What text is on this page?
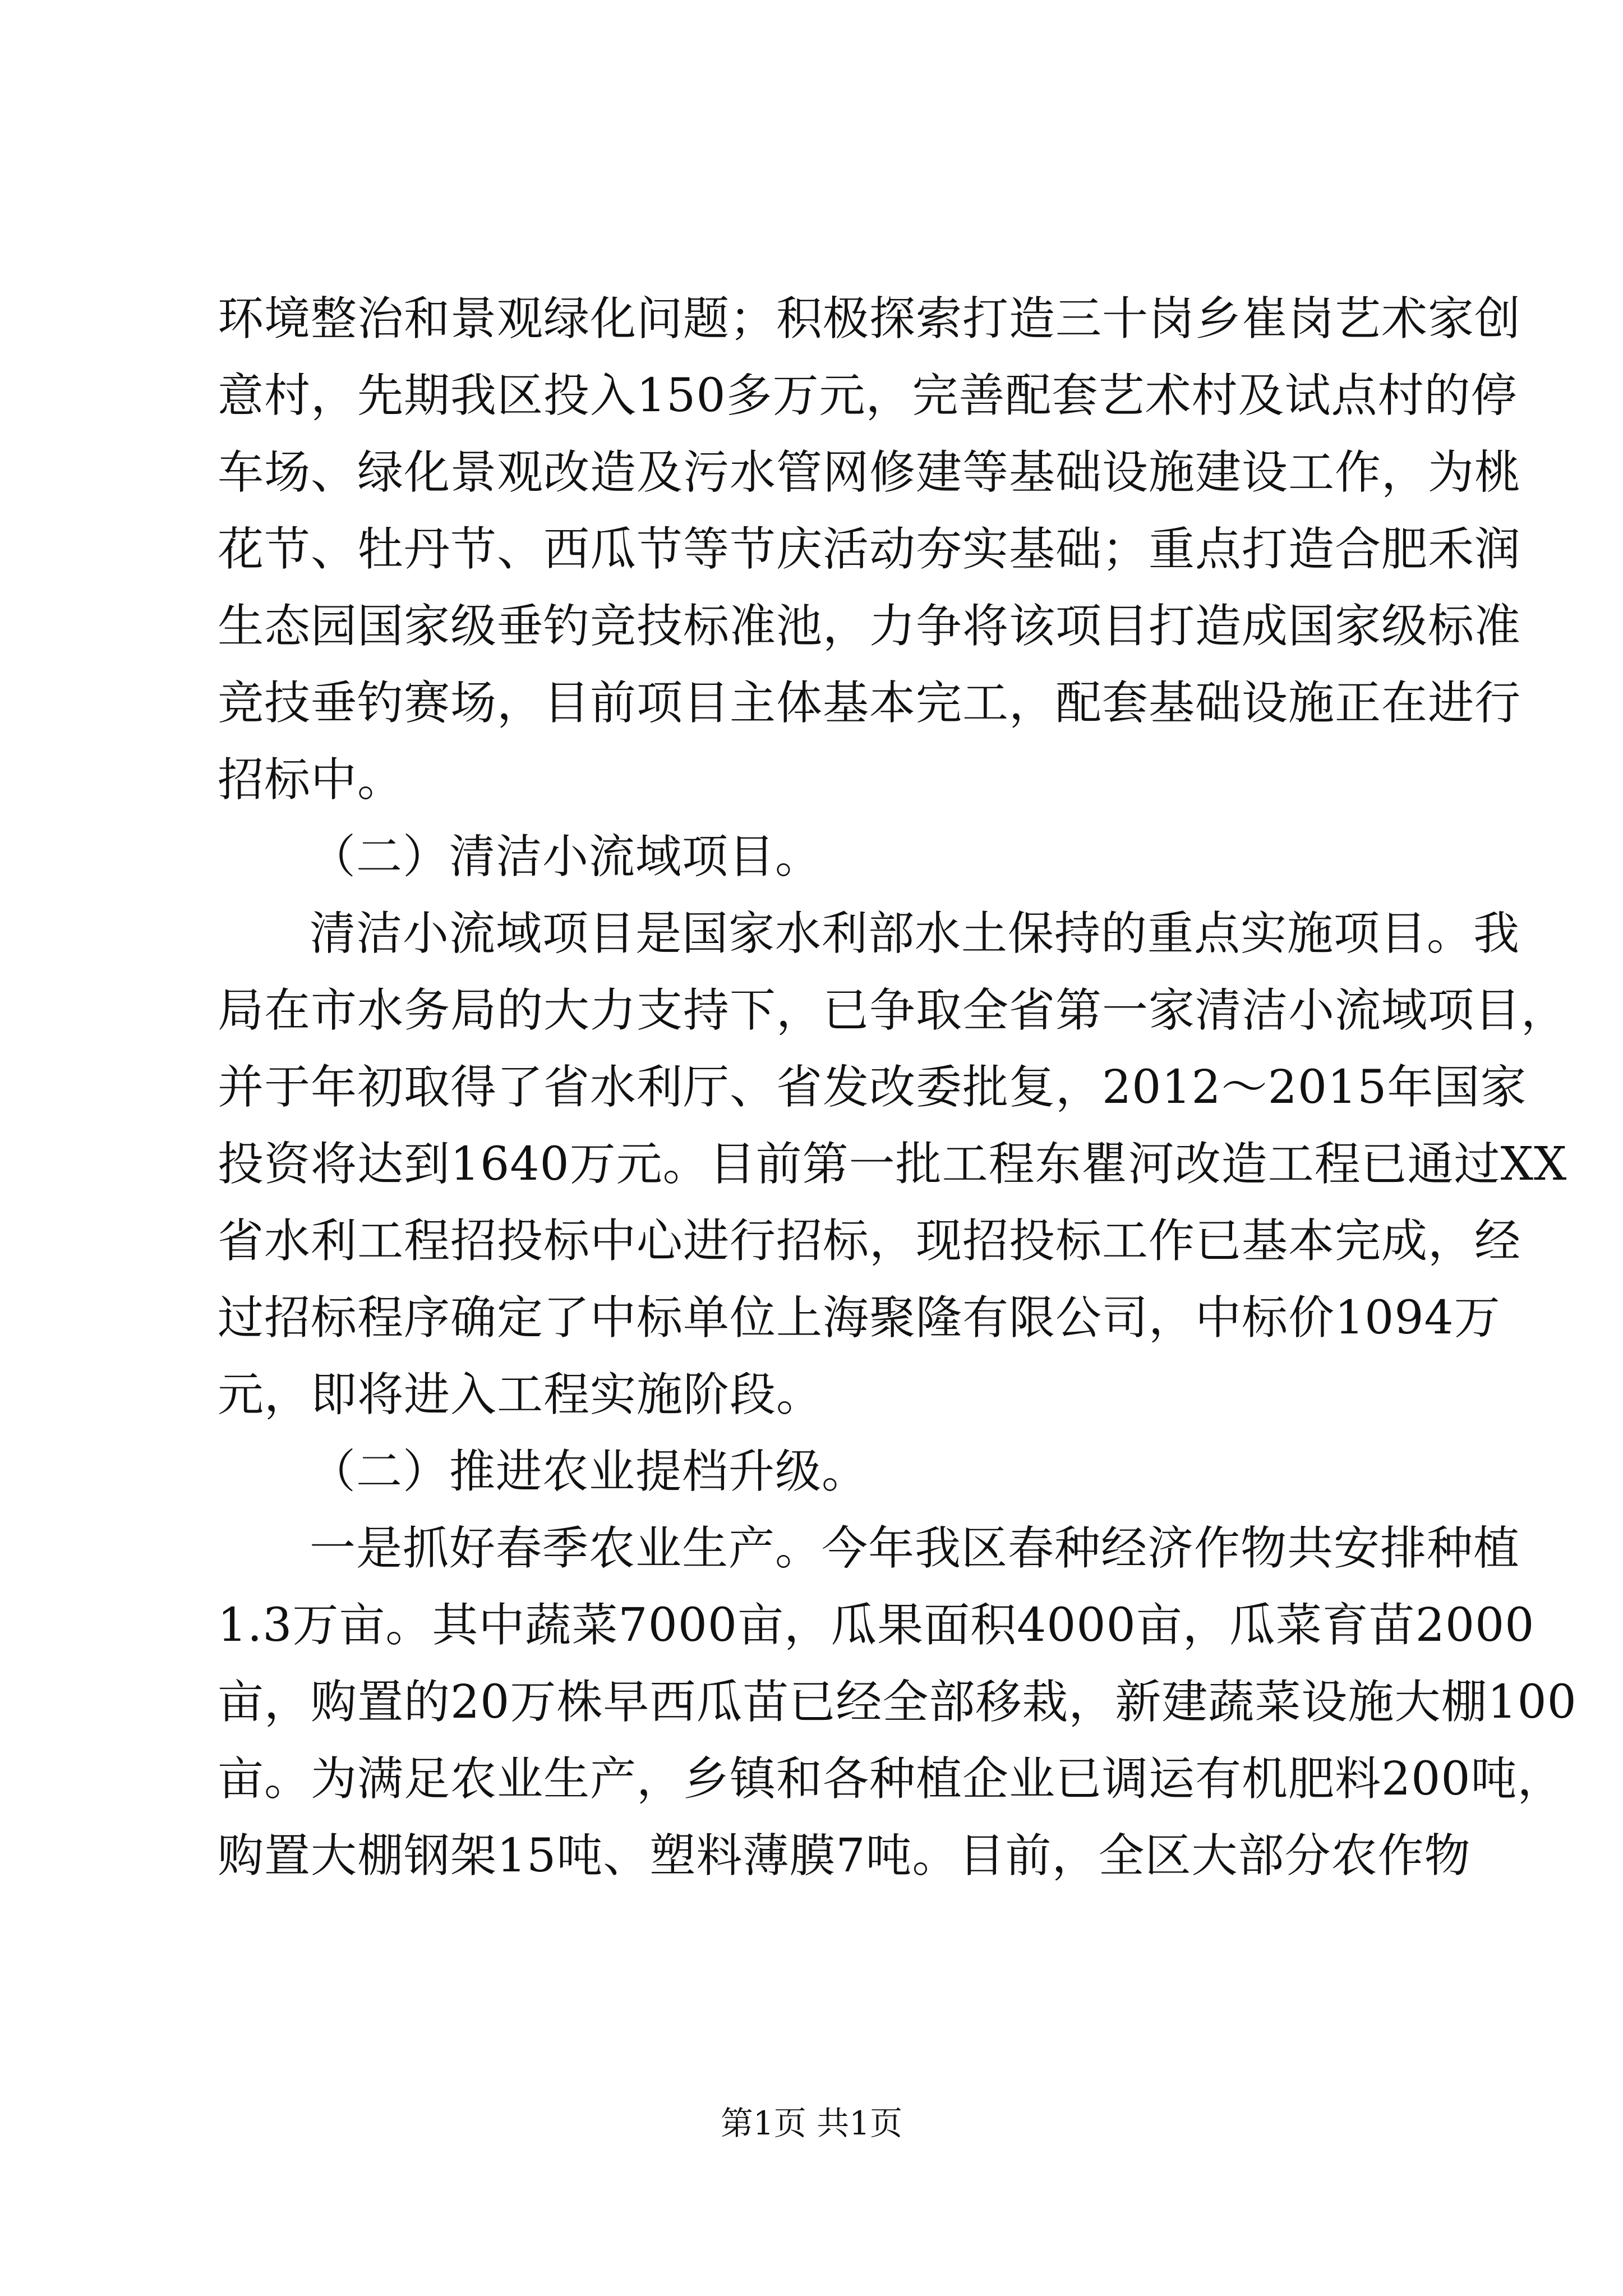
环境整治和景观绿化问题；积极探索打造三十岗乡崔岗艺术家创
意村，先期我区投入150多万元，完善配套艺术村及试点村的停
车场、绿化景观改造及污水管网修建等基础设施建设工作，为桃
花节、牡丹节、西瓜节等节庆活动夯实基础；重点打造合肥禾润
生态园国家级垂钓竞技标准池，力争将该项目打造成国家级标准
竞技垂钓赛场，目前项目主体基本完工，配套基础设施正在进行
招标中。
（二）清洁小流域项目。
清洁小流域项目是国家水利部水土保持的重点实施项目。我
局在市水务局的大力支持下，已争取全省第一家清洁小流域项目，
并于年初取得了省水利厅、省发改委批复，2012～2015年国家
投资将达到1640万元。目前第一批工程东瞿河改造工程已通过XX
省水利工程招投标中心进行招标，现招投标工作已基本完成，经
过招标程序确定了中标单位上海聚隆有限公司，中标价1094万
元，即将进入工程实施阶段。
（二）推进农业提档升级。
一是抓好春季农业生产。今年我区春种经济作物共安排种植
1.3万亩。其中蔬菜7000亩，瓜果面积4000亩，瓜菜育苗2000
亩，购置的20万株早西瓜苗已经全部移栽，新建蔬菜设施大棚100
亩。为满足农业生产，乡镇和各种植企业已调运有机肥料200吨，
购置大棚钢架15吨、塑料薄膜7吨。目前，全区大部分农作物
第1页 共1页
